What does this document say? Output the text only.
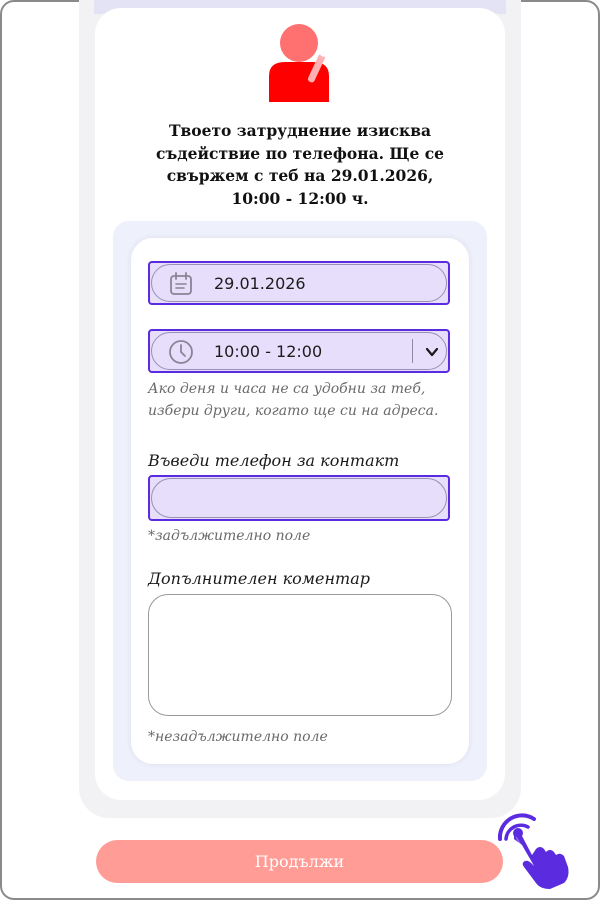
Твоето затруднение изисква съдействие по телефона. Ще се свържем с теб на 29.01.2026, 10:00 - 12:00 ч.
29.01.2026
10:00 - 12:00
Ако деня и часа не са удобни за теб, избери други, когато ще си на адреса.
Въведи телефон за контакт
*задължително поле
Допълнителен коментар
*незадължително поле
Продължи
